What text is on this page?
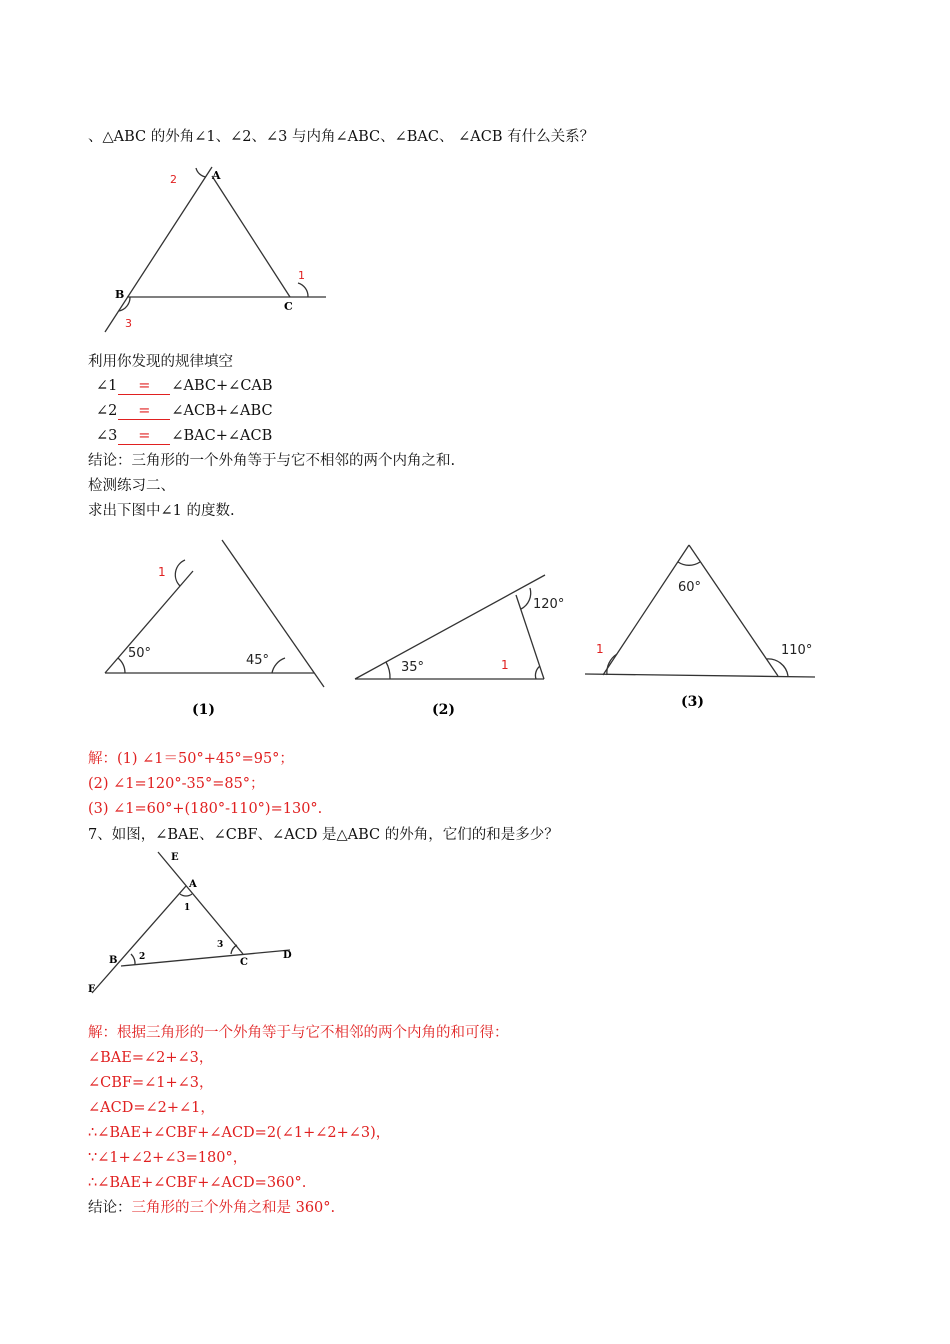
、△ABC 的外角∠1、∠2、∠3 与内角∠ABC、∠BAC、 ∠ACB 有什么关系？
A
B
C
2
1
3
利用你发现的规律填空
∠1 = ∠ABC+∠CAB
∠2 = ∠ACB+∠ABC
∠3 = ∠BAC+∠ACB
结论：三角形的一个外角等于与它不相邻的两个内角之和.
检测练习二、
求出下图中∠1 的度数.
50°	45°
1
(1)
35°
120°
1
(2)
60°
110°
1
(3)
解：(1) ∠1＝50°+45°=95°；
(2) ∠1=120°-35°=85°；
(3) ∠1=60°+(180°-110°)=130°.
7、如图，∠BAE、∠CBF、∠ACD 是△ABC 的外角，它们的和是多少？
E
A
1
B 2
3
C
D
F
解：根据三角形的一个外角等于与它不相邻的两个内角的和可得：
∠BAE=∠2+∠3，
∠CBF=∠1+∠3，
∠ACD=∠2+∠1，
∴∠BAE+∠CBF+∠ACD=2(∠1+∠2+∠3)，
∵∠1+∠2+∠3=180°，
∴∠BAE+∠CBF+∠ACD=360°.
结论：三角形的三个外角之和是 360°.
